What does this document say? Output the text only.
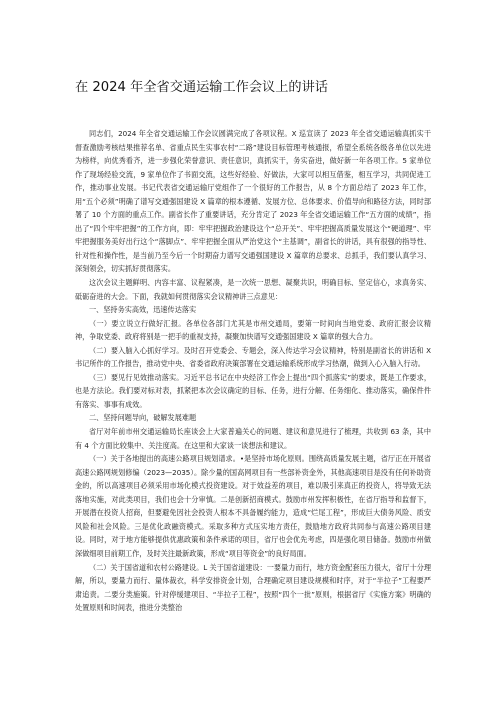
在 2024 年全省交通运输工作会议上的讲话

同志们，2024 年全省交通运输工作会议圆满完成了各项议程。X 巡宣读了 2023 年全省交通运输真抓实干督查激励考核结果推荐名单、省重点民生实事农村“二路”建设目标管理考核通报，希望全系统各级各单位以先进为榜样，向优秀看齐，进一步强化荣誉意识、责任意识，真抓实干，务实奋进，做好新一年各项工作。5 家单位作了现场经验交流，9 家单位作了书面交流，这些好经验、好做法，大家可以相互借鉴，相互学习，共同促进工作，推动事业发展。书记代表省交通运输厅党组作了一个很好的工作报告，从 8 个方面总结了 2023 年工作，用“五个必须”明确了谱写交通强国建设 X 篇章的根本遵循、发展方位、总体要求、价值导向和路径方法，同时部署了 10 个方面的重点工作。副省长作了重要讲话，充分肯定了 2023 年全省交通运输工作“五方面的成绩”，指出了“四个牢牢把握”的工作方向，即：牢牢把握政治建设这个“总开关”、牢牢把握高质量发展这个“硬道理”、牢牢把握服务美好出行这个“落脚点”、牢牢把握全面从严治党这个“主基调”，副省长的讲话，具有很强的指导性、针对性和操作性，是当前乃至今后一个时期奋力谱写交通强国建设 X 篇章的总要求、总抓手，我们要认真学习、深刻领会，切实抓好贯彻落实。

这次会议主题鲜明、内容丰富、议程紧凑，是一次统一思想、凝聚共识，明确目标、坚定信心，求真务实、砥砺奋进的大会。下面，我就如何贯彻落实会议精神讲三点意见：

一、坚持务实高效，迅速传达落实

（一）要立说立行做好汇报。各单位各部门尤其是市州交通局，要第一时间向当地党委、政府汇报会议精神，争取党委、政府将别是一把手的重视支持，凝聚加快谱写交通强国建设 X 篇章的强大合力。

（二）要入脑入心抓好学习。及时召开党委会、专题会，深入传达学习会议精神，特别是副省长的讲话和 X 书记所作的工作报告，推动党中央、省委省政府决策部署在交通运输系统形成学习热潮，做到入心入脑入行动。

（三）要见行见效推动落实。习近平总书记在中央经济工作会上提出“四个抓落实”的要求，既是工作要求，也是方法论。我们要对标对表，抓紧把本次会议确定的目标、任务，进行分解、任务细化、推动落实，确保件件有落实、事事有成效。

二、坚持问题导向，破解发展难题

省厅对年前市州交通运输局长座谈会上大家普遍关心的问题、建议和意见进行了梳理，共收到 63 条，其中有 4 个方面比较集中、关注度高。在这里和大家谈一谈想法和建议。

（一）关于各地提出的高速公路项目规划谱求。•是坚持市场化原则。围绕高质量发展主题，省厅正在开展省高速公路网规划修编（2023—2035）。除少量的国高网项目有一些部补资金外，其他高速项目是没有任何补助资金的，所以高速项目必须采用市场化模式投资建设。对于效益差的项目，难以吸引来真正的投资人，将导致无法落地实施，对此类项目，我们也会十分审慎。二是创新招商模式。鼓励市州发挥积极性，在省厅指导和监督下，开展潜在投资人招商，但要避免因社会投资人根本不具备履约能力，造成“烂尾工程”，形成巨大债务风险、质安风险和社会风险。三是优化政融资模式。采取多种方式压实地方责任，鼓励地方政府共同参与高速公路项目建设。同时，对于地方能够提供优惠政策和条件承诺的项目，省厅也会优先考虑，四是强化项目储备。鼓励市州做深做细项目前期工作，及时关注最新政策，形成“项目等资金”的良好局面。

（二）关于国省道和农村公路建设。L 关于国省道建设：一要量力而行，地方资金配套压力很大，省厅十分理解，所以，要量力而行、量体裁衣，科学安排资金计划，合理确定项目建设规模和时序，对于“半拉子”工程要严肃追责。二要分类施策。针对停缓建项目、“半拉子工程”，按照“四个一批”原则，根据省厅《实施方案》明确的处置原则和时间表，推进分类整治
